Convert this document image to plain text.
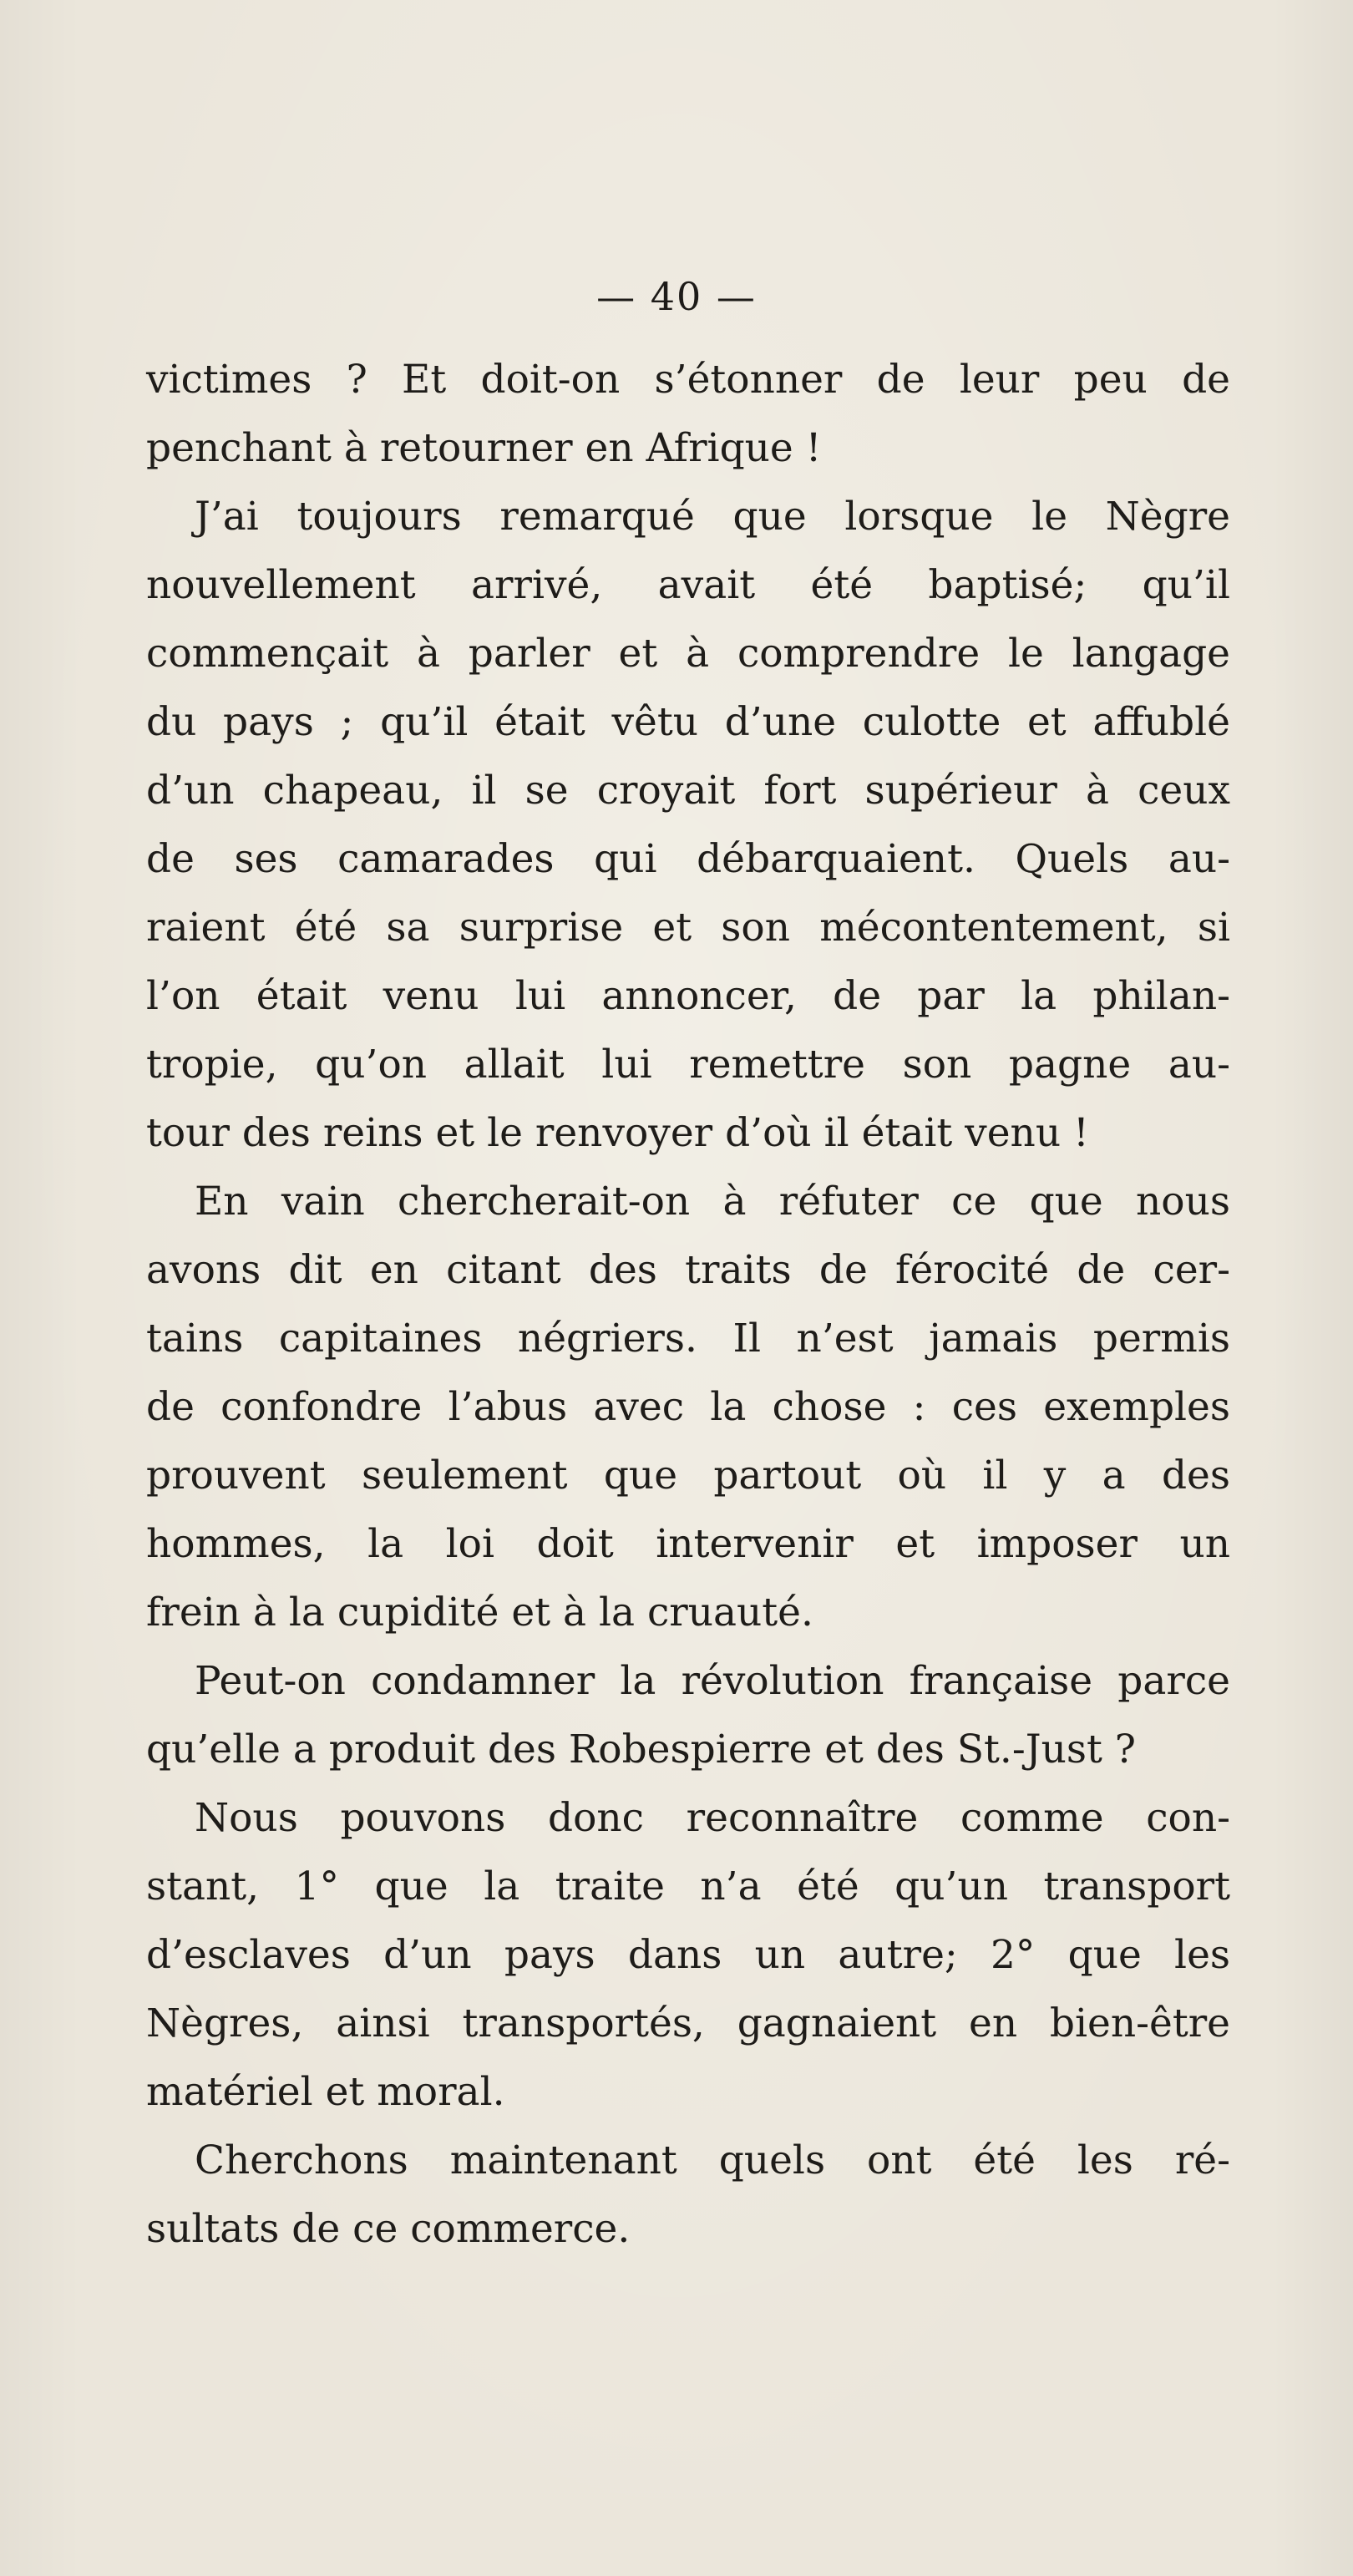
— 40 —
victimes ? Et doit-on s’étonner de leur peu de
penchant à retourner en Afrique !
J’ai toujours remarqué que lorsque le Nègre
nouvellement arrivé, avait été baptisé; qu’il
commençait à parler et à comprendre le langage
du pays ; qu’il était vêtu d’une culotte et affublé
d’un chapeau, il se croyait fort supérieur à ceux
de ses camarades qui débarquaient. Quels au-
raient été sa surprise et son mécontentement, si
l’on était venu lui annoncer, de par la philan-
tropie, qu’on allait lui remettre son pagne au-
tour des reins et le renvoyer d’où il était venu !
En vain chercherait-on à réfuter ce que nous
avons dit en citant des traits de férocité de cer-
tains capitaines négriers. Il n’est jamais permis
de confondre l’abus avec la chose : ces exemples
prouvent seulement que partout où il y a des
hommes, la loi doit intervenir et imposer un
frein à la cupidité et à la cruauté.
Peut-on condamner la révolution française parce
qu’elle a produit des Robespierre et des St.-Just ?
Nous pouvons donc reconnaître comme con-
stant, 1° que la traite n’a été qu’un transport
d’esclaves d’un pays dans un autre; 2° que les
Nègres, ainsi transportés, gagnaient en bien-être
matériel et moral.
Cherchons maintenant quels ont été les ré-
sultats de ce commerce.
